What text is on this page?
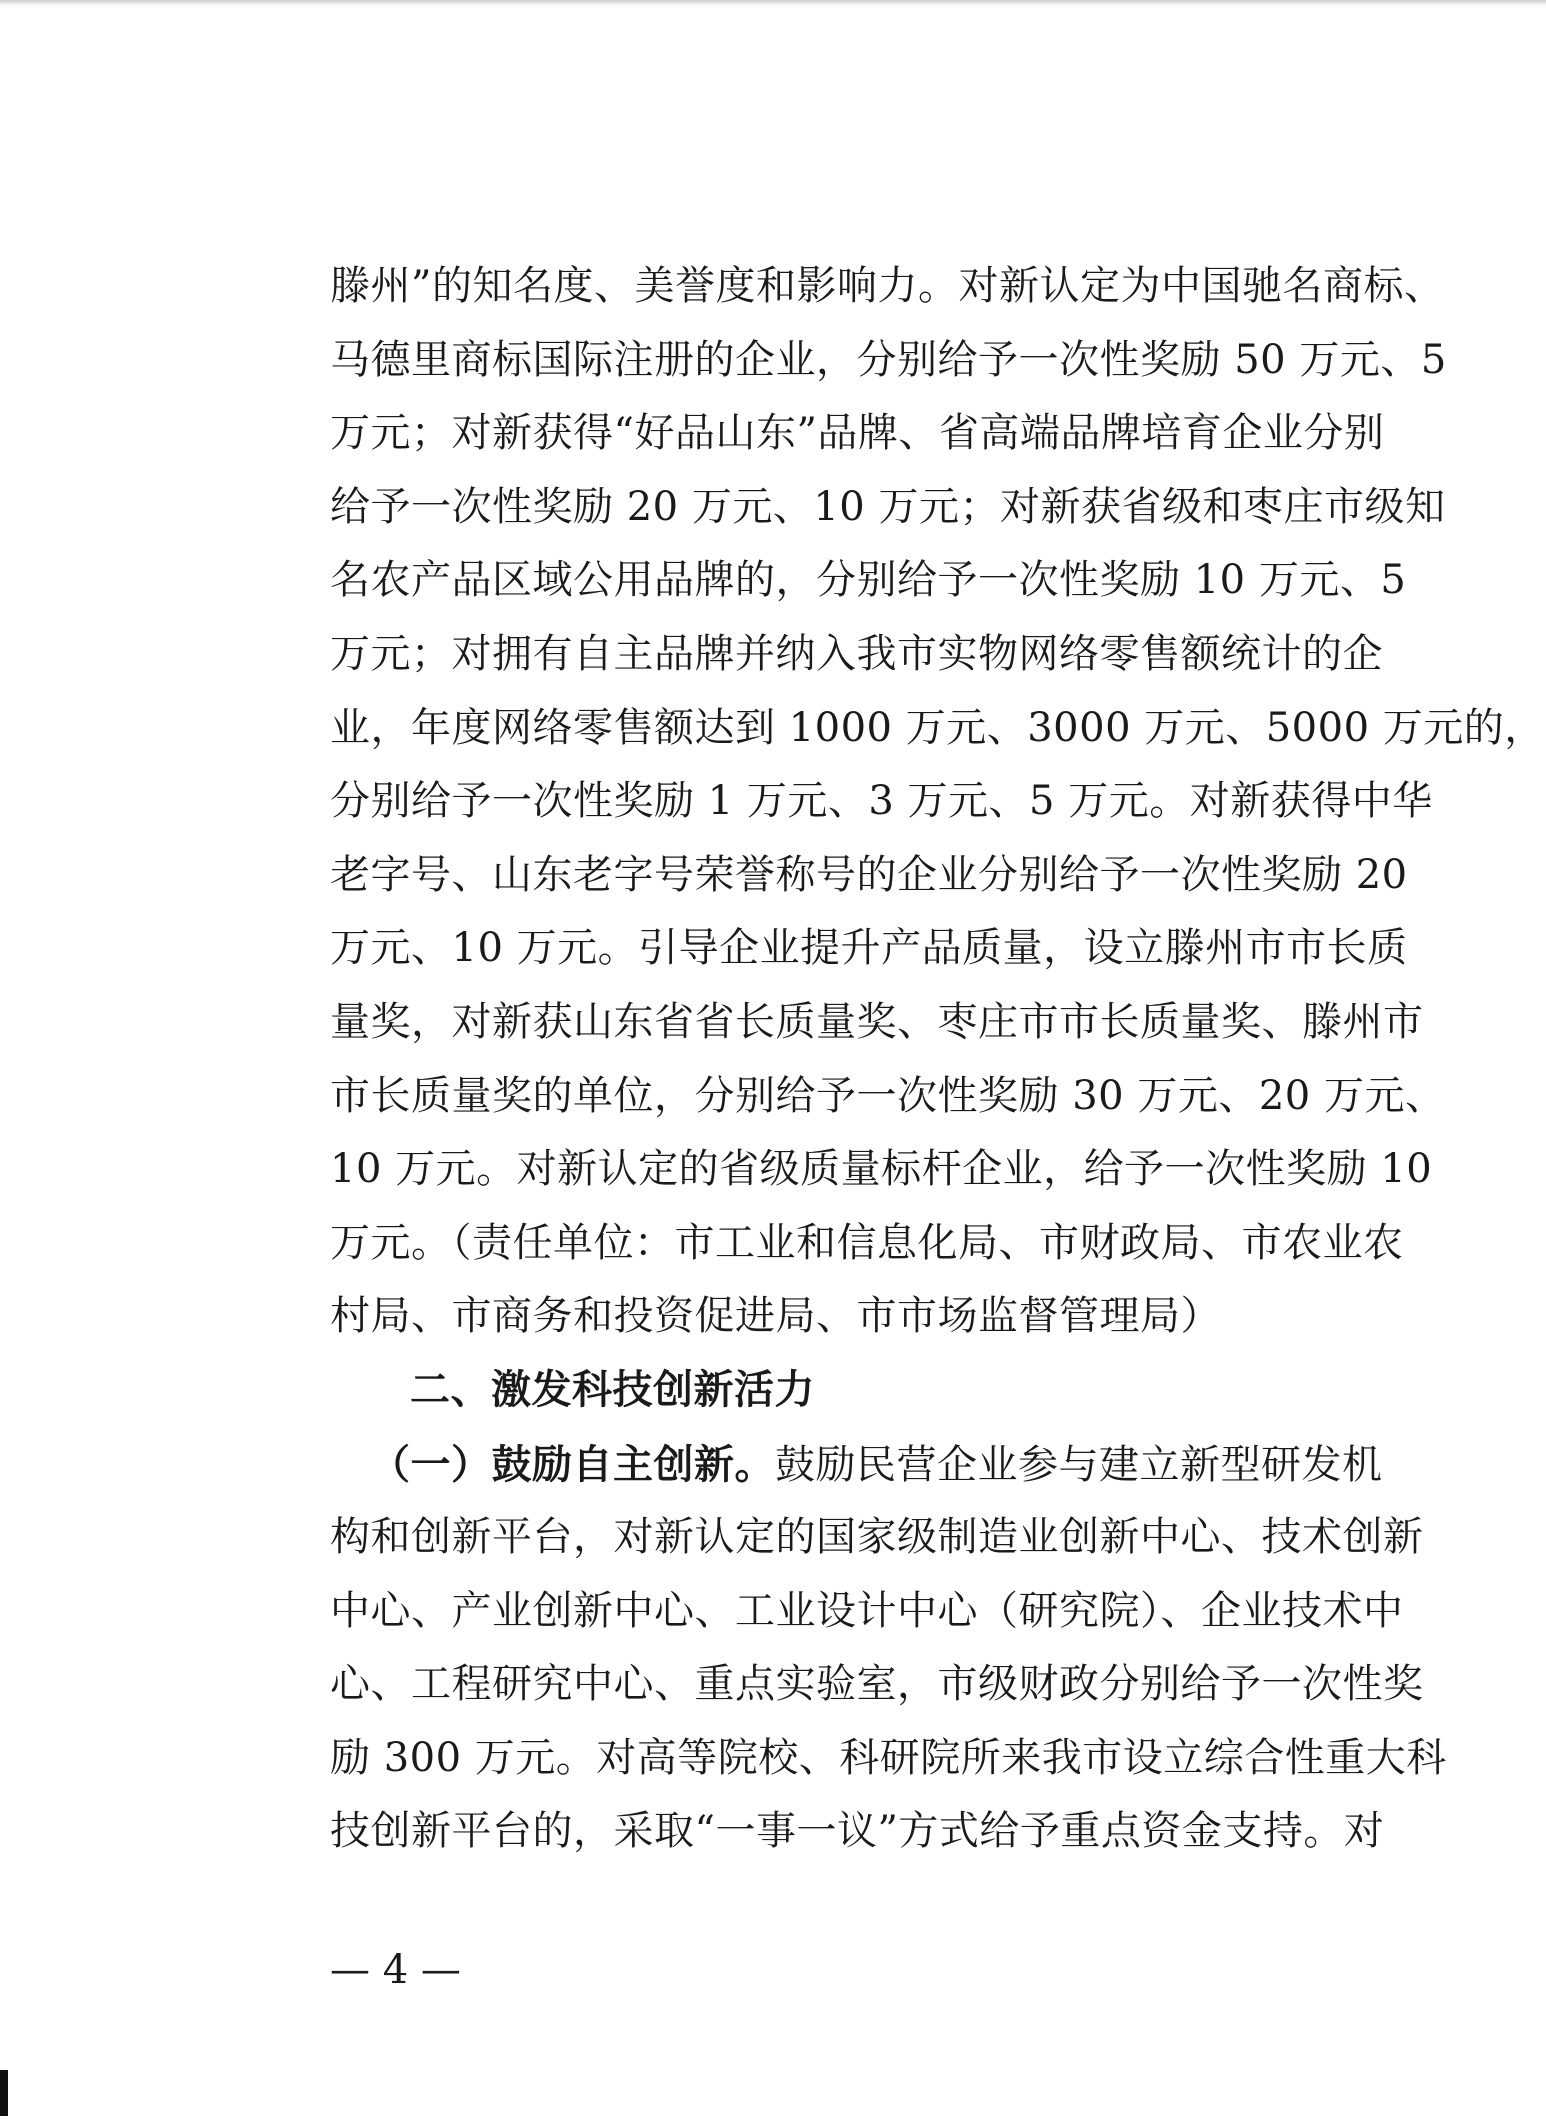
滕州”的知名度、美誉度和影响力。对新认定为中国驰名商标、
马德里商标国际注册的企业，分别给予一次性奖励 50 万元、5
万元；对新获得“好品山东”品牌、省高端品牌培育企业分别
给予一次性奖励 20 万元、10 万元；对新获省级和枣庄市级知
名农产品区域公用品牌的，分别给予一次性奖励 10 万元、5
万元；对拥有自主品牌并纳入我市实物网络零售额统计的企
业，年度网络零售额达到 1000 万元、3000 万元、5000 万元的，
分别给予一次性奖励 1 万元、3 万元、5 万元。对新获得中华
老字号、山东老字号荣誉称号的企业分别给予一次性奖励 20
万元、10 万元。引导企业提升产品质量，设立滕州市市长质
量奖，对新获山东省省长质量奖、枣庄市市长质量奖、滕州市
市长质量奖的单位，分别给予一次性奖励 30 万元、20 万元、
10 万元。对新认定的省级质量标杆企业，给予一次性奖励 10
万元。（责任单位：市工业和信息化局、市财政局、市农业农
村局、市商务和投资促进局、市市场监督管理局）
二、激发科技创新活力
（一）鼓励自主创新。鼓励民营企业参与建立新型研发机
构和创新平台，对新认定的国家级制造业创新中心、技术创新
中心、产业创新中心、工业设计中心（研究院）、企业技术中
心、工程研究中心、重点实验室，市级财政分别给予一次性奖
励 300 万元。对高等院校、科研院所来我市设立综合性重大科
技创新平台的，采取“一事一议”方式给予重点资金支持。对
— 4 —
